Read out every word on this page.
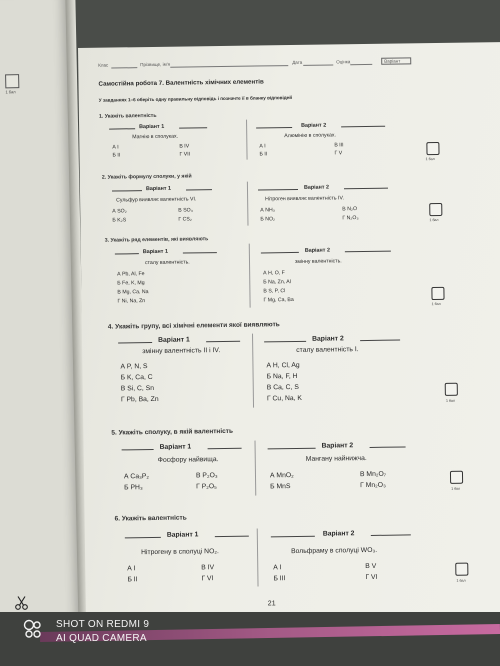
1 бал
Клас	Прізвище, ім'я	Дата	Оцінка	Варіант
Самостійна робота 7. Валентність хімічних елементів
У завданнях 1–6 оберіть одну правильну відповідь і позначте її в бланку відповідей
1. Укажіть валентність
Варіант 1
Магнію в сполуках.
А I	В IV
Б II	Г VII
Варіант 2
Алюмінію в сполуках.
А I	В III
Б II	Г V
1 бал
2. Укажіть формулу сполуки, у якій
Варіант 1
Сульфур виявляє валентність VI.
А SO₂	В SO₃
Б K₂S	Г CS₂
Варіант 2
Нітроген виявляє валентність IV.
А NH₃	В N₂O
Б NO₂	Г N₂O₃	1 бал
3. Укажіть ряд елементів, які виявляють
Варіант 1
сталу валентність.
А Pb, Al, Fe
Б Fe, K, Mg
В Mg, Ca, Na
Г Ni, Na, Zn
Варіант 2
змінну валентність.
А H, O, F
Б Na, Zn, Al
В S, P, Cl
Г Mg, Ca, Ba
1 бал
4. Укажіть групу, всі хімічні елементи якої виявляють
Варіант 1
змінну валентність II і IV.
А P, N, S
Б K, Ca, C
В Si, C, Sn
Г Pb, Ba, Zn
Варіант 2
сталу валентність I.
А H, Cl, Ag
Б Na, F, H
В Ca, C, S
Г Cu, Na, K	1 бал
5. Укажіть сполуку, в якій валентність
Варіант 1
Фосфору найвища.
А Ca₃P₂	В P₂O₃
Б PH₃	Г P₂O₅
Варіант 2
Мангану найнижча.
А MnO₂	В Mn₂O₇
Б MnS	Г Mn₂O₃	1 бал
6. Укажіть валентність
Варіант 1
Нітрогену в сполуці NO₂.
А I	В IV
Б II	Г VI
Варіант 2
Вольфраму в сполуці WO₃.
А I	В V
Б III	Г VI	1 бал
21
SHOT ON REDMI 9
AI QUAD CAMERA
